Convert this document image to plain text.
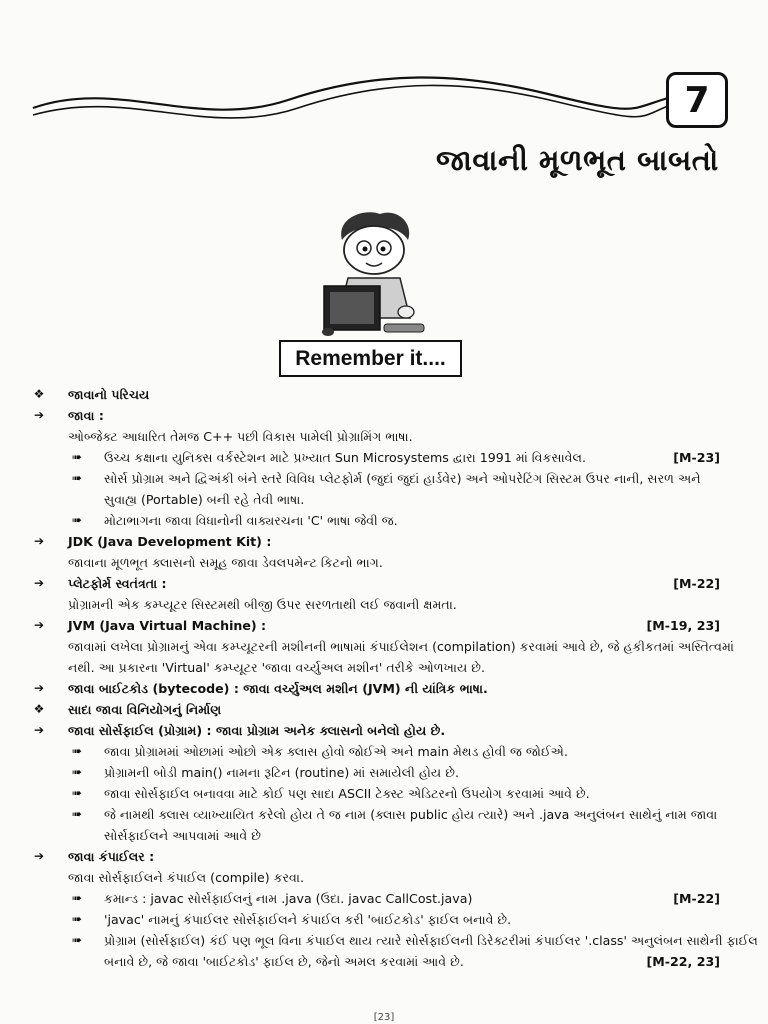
7
જાવાની મૂળભૂત બાબતો
Remember it....
❖ જાવાનો પરિચય
➔	જાવા :
ઓબ્જેક્ટ આધારિત તેમજ C++ પછી વિકાસ પામેલી પ્રોગ્રામિંગ ભાષા.
➠	ઉચ્ચ કક્ષાના યુનિક્સ વર્કસ્ટેશન માટે પ્રખ્યાત Sun Microsystems દ્વારા 1991 માં વિકસાવેલ.	[M-23]
➠	સોર્સ પ્રોગ્રામ અને દ્વિઅંકી બંને સ્તરે વિવિધ પ્લેટફોર્મ (જુદાં જુદાં હાર્ડવેર) અને ઓપરેટિંગ સિસ્ટમ ઉપર નાની, સરળ અને
સુવાહ્ય (Portable) બની રહે તેવી ભાષા.
➠	મોટાભાગના જાવા વિધાનોની વાક્યરચના 'C' ભાષા જેવી જ.
➔	JDK (Java Development Kit) :
જાવાના મૂળભૂત ક્લાસનો સમૂહ જાવા ડેવલપમેન્ટ કિટનો ભાગ.
➔	પ્લેટફોર્મ સ્વતંત્રતા :	[M-22]
પ્રોગ્રામની એક કમ્પ્યૂટર સિસ્ટમથી બીજી ઉપર સરળતાથી લઈ જવાની ક્ષમતા.
➔	JVM (Java Virtual Machine) :	[M-19, 23]
જાવામાં લખેલા પ્રોગ્રામનું એવા કમ્પ્યૂટરની મશીનની ભાષામાં કંપાઈલેશન (compilation) કરવામાં આવે છે, જે હકીકતમાં અસ્તિત્વમાં
નથી. આ પ્રકારના 'Virtual' કમ્પ્યૂટર 'જાવા વર્ચ્યુઅલ મશીન' તરીકે ઓળખાય છે.
➔	જાવા બાઈટકોડ (bytecode) : જાવા વર્ચ્યુઅલ મશીન (JVM) ની યાંત્રિક ભાષા.
❖ સાદા જાવા વિનિયોગનું નિર્માણ
➔	જાવા સોર્સફાઈલ (પ્રોગ્રામ) : જાવા પ્રોગ્રામ અનેક ક્લાસનો બનેલો હોય છે.
➠	જાવા પ્રોગ્રામમાં ઓછામાં ઓછો એક ક્લાસ હોવો જોઈએ અને main મેથડ હોવી જ જોઈએ.
➠	પ્રોગ્રામની બોડી main() નામના રૂટિન (routine) માં સમાયેલી હોય છે.
➠	જાવા સોર્સફાઈલ બનાવવા માટે કોઈ પણ સાદા ASCII ટેક્સ્ટ એડિટરનો ઉપયોગ કરવામાં આવે છે.
➠	જે નામથી ક્લાસ વ્યાખ્યાયિત કરેલો હોય તે જ નામ (ક્લાસ public હોય ત્યારે) અને .java અનુલંબન સાથેનું નામ જાવા
સોર્સફાઈલને આપવામાં આવે છે
➔	જાવા કંપાઈલર :
જાવા સોર્સફાઈલને કંપાઈલ (compile) કરવા.
➠	કમાન્ડ : javac સોર્સફાઈલનું નામ .java (ઉદા. javac CallCost.java)	[M-22]
➠	'javac' નામનું કંપાઈલર સોર્સફાઈલને કંપાઈલ કરી 'બાઈટકોડ' ફાઈલ બનાવે છે.
➠	પ્રોગ્રામ (સોર્સફાઈલ) કંઈ પણ ભૂલ વિના કંપાઈલ થાય ત્યારે સોર્સફાઈલની ડિરેક્ટરીમાં કંપાઈલર '.class' અનુલંબન સાથેની ફાઈલ
બનાવે છે, જે જાવા 'બાઈટકોડ' ફાઈલ છે, જેનો અમલ કરવામાં આવે છે.	[M-22, 23]
[23]
